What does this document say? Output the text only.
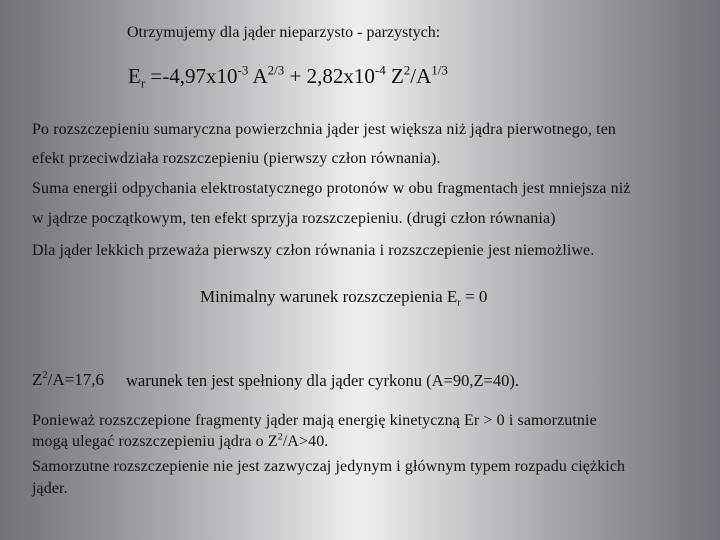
Otrzymujemy dla jąder nieparzysto - parzystych:
$E_r =-4,97x10^{-3}$ $A^{2/3} + 2,82x10^{-4}$ $Z^2/A^{1/3}$
Po rozszczepieniu sumaryczna powierzchnia jąder jest większa niż jądra pierwotnego, ten
efekt przeciwdziała rozszczepieniu (pierwszy człon równania).
Suma energii odpychania elektrostatycznego protonów w obu fragmentach jest mniejsza niż
w jądrze początkowym, ten efekt sprzyja rozszczepieniu. (drugi człon równania)
Dla jąder lekkich przeważa pierwszy człon równania i rozszczepienie jest niemożliwe.
Minimalny warunek rozszczepienia $E_r = 0$
$Z^2/A=17,6$ warunek ten jest spełniony dla jąder cyrkonu (A=90,Z=40).
Ponieważ rozszczepione fragmenty jąder mają energię kinetyczną Er > 0 i samorzutnie
mogą ulegać rozszczepieniu jądra o $Z^2/A>40$.
Samorzutne rozszczepienie nie jest zazwyczaj jedynym i głównym typem rozpadu ciężkich
jąder.
